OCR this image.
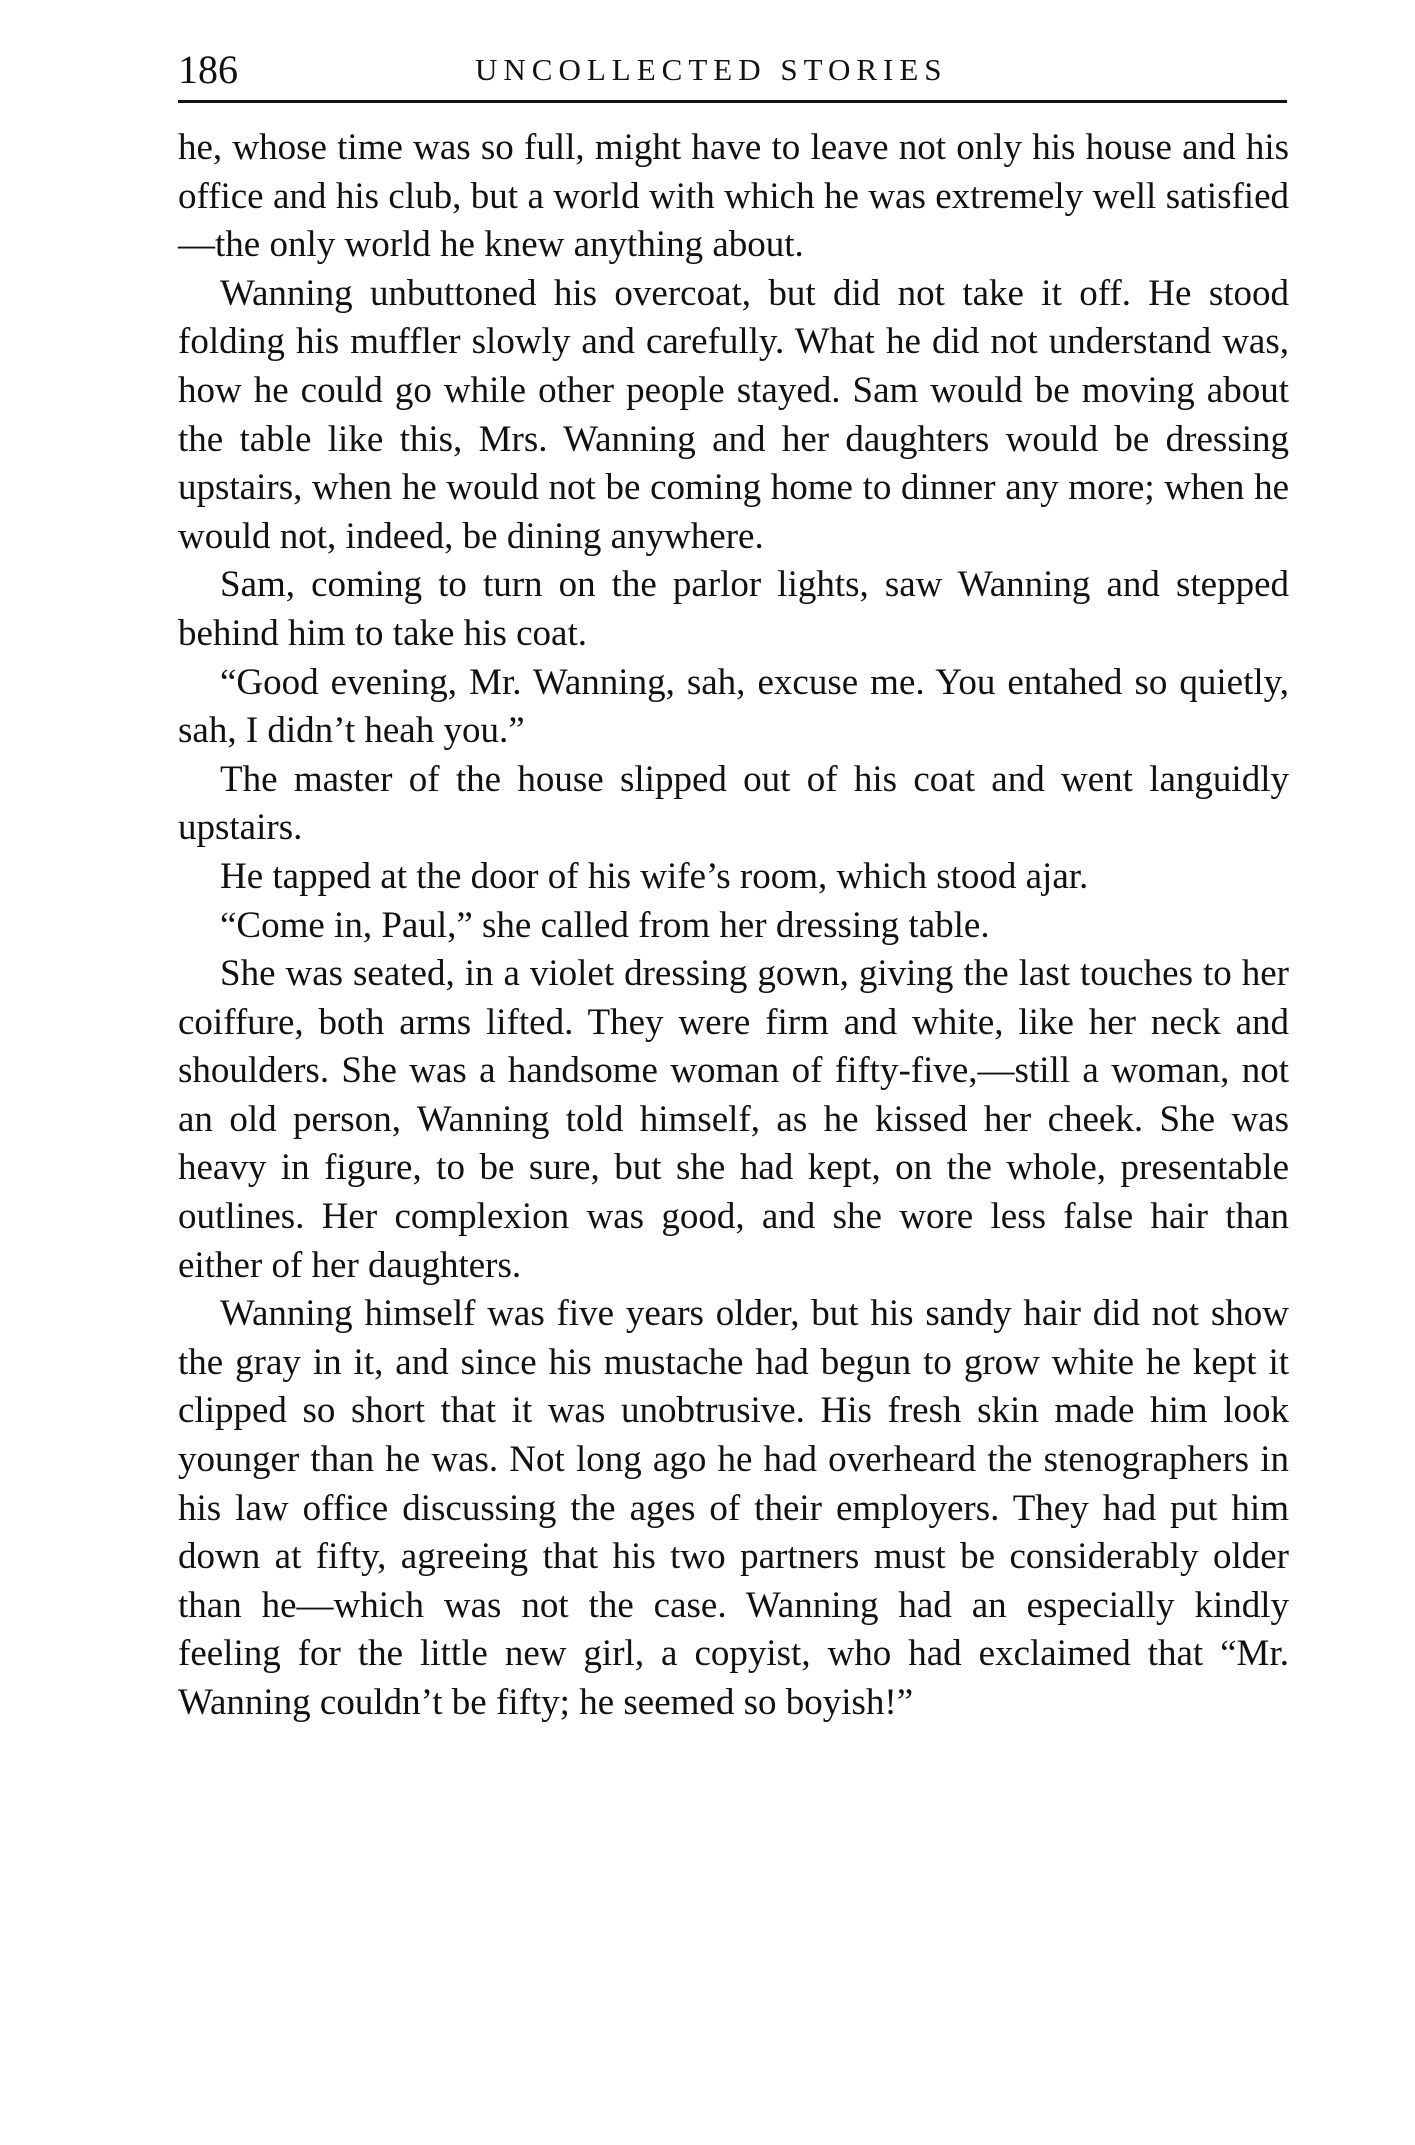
186	UNCOLLECTED STORIES

he, whose time was so full, might have to leave not only his house and his office and his club, but a world with which he was extremely well satisfied—the only world he knew anything about.

Wanning unbuttoned his overcoat, but did not take it off. He stood folding his muffler slowly and carefully. What he did not understand was, how he could go while other people stayed. Sam would be moving about the table like this, Mrs. Wanning and her daughters would be dressing upstairs, when he would not be coming home to dinner any more; when he would not, indeed, be dining anywhere.

Sam, coming to turn on the parlor lights, saw Wanning and stepped behind him to take his coat.

“Good evening, Mr. Wanning, sah, excuse me. You entahed so quietly, sah, I didn’t heah you.”

The master of the house slipped out of his coat and went languidly upstairs.

He tapped at the door of his wife’s room, which stood ajar.

“Come in, Paul,” she called from her dressing table.

She was seated, in a violet dressing gown, giving the last touches to her coiffure, both arms lifted. They were firm and white, like her neck and shoulders. She was a handsome woman of fifty-five,—still a woman, not an old person, Wanning told himself, as he kissed her cheek. She was heavy in figure, to be sure, but she had kept, on the whole, presentable outlines. Her complexion was good, and she wore less false hair than either of her daughters.

Wanning himself was five years older, but his sandy hair did not show the gray in it, and since his mustache had begun to grow white he kept it clipped so short that it was unobtrusive. His fresh skin made him look younger than he was. Not long ago he had overheard the stenographers in his law office discussing the ages of their employers. They had put him down at fifty, agreeing that his two partners must be considerably older than he—which was not the case. Wanning had an especially kindly feeling for the little new girl, a copyist, who had exclaimed that “Mr. Wanning couldn’t be fifty; he seemed so boyish!”
